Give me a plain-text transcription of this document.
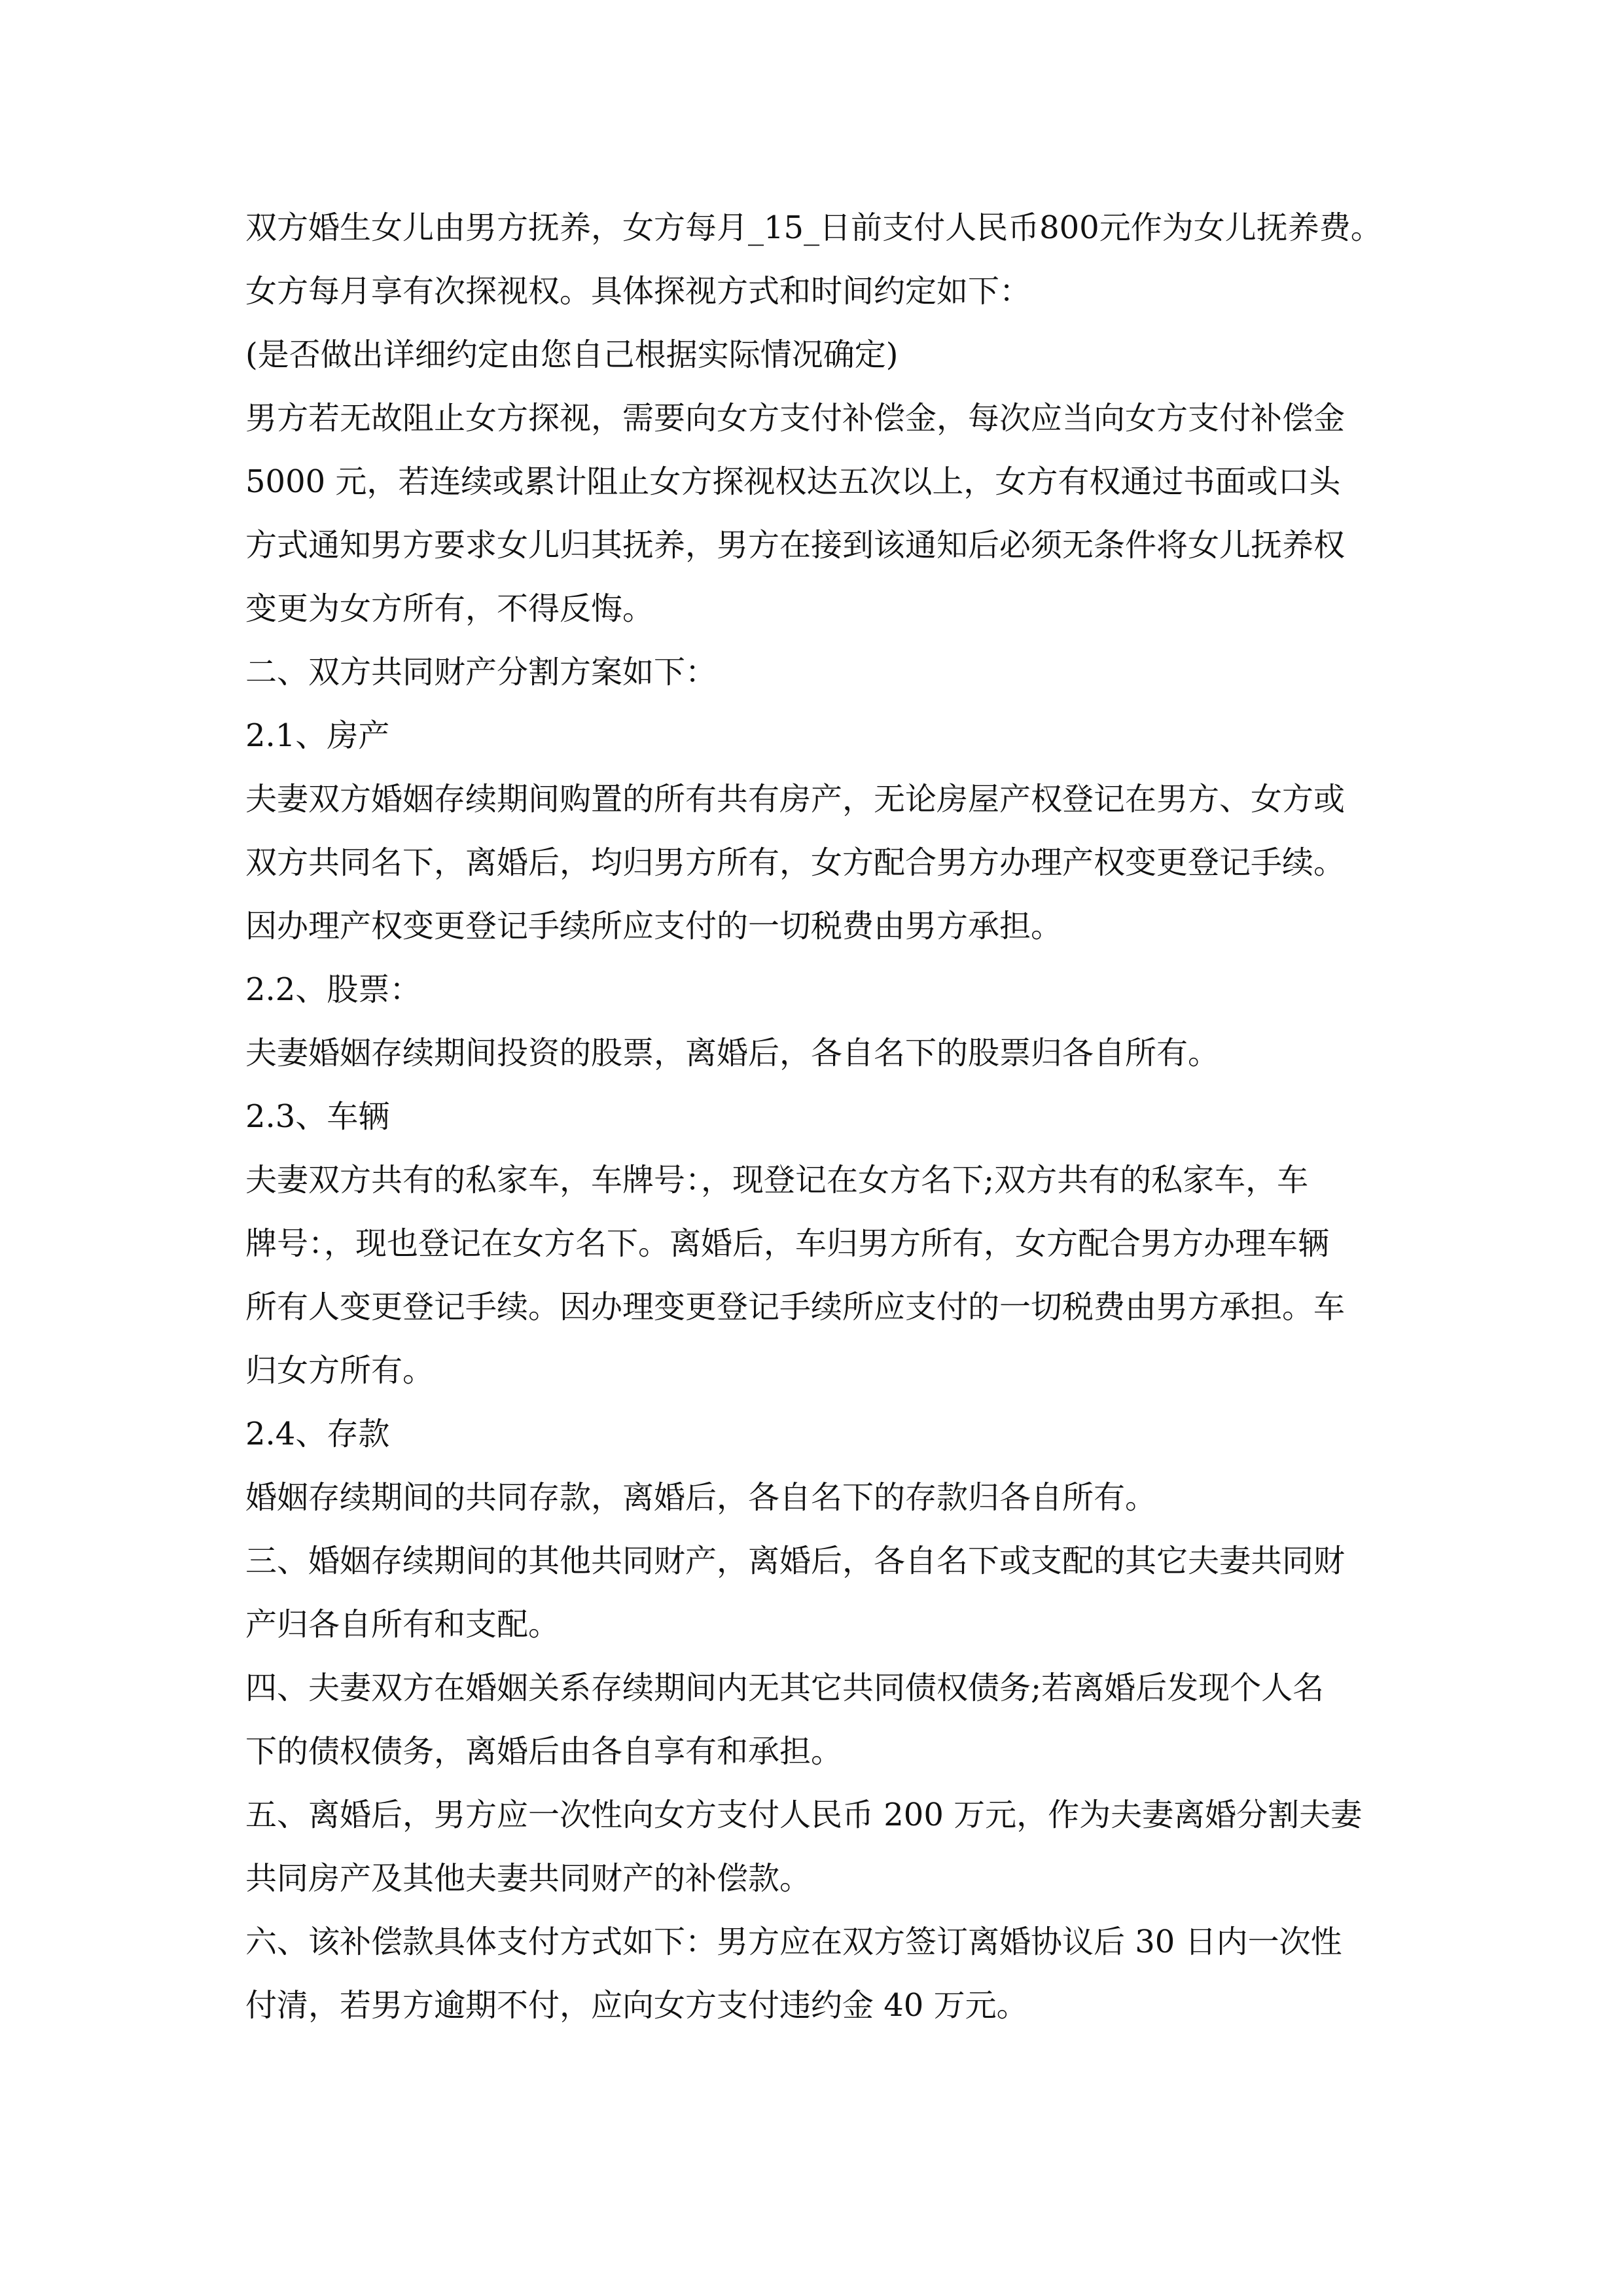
双方婚生女儿由男方抚养，女方每月_15_日前支付人民币800元作为女儿抚养费。
女方每月享有次探视权。具体探视方式和时间约定如下：
(是否做出详细约定由您自己根据实际情况确定)
男方若无故阻止女方探视，需要向女方支付补偿金，每次应当向女方支付补偿金
5000 元，若连续或累计阻止女方探视权达五次以上，女方有权通过书面或口头
方式通知男方要求女儿归其抚养，男方在接到该通知后必须无条件将女儿抚养权
变更为女方所有，不得反悔。
二、双方共同财产分割方案如下：
2.1、房产
夫妻双方婚姻存续期间购置的所有共有房产，无论房屋产权登记在男方、女方或
双方共同名下，离婚后，均归男方所有，女方配合男方办理产权变更登记手续。
因办理产权变更登记手续所应支付的一切税费由男方承担。
2.2、股票：
夫妻婚姻存续期间投资的股票，离婚后，各自名下的股票归各自所有。
2.3、车辆
夫妻双方共有的私家车，车牌号：，现登记在女方名下;双方共有的私家车，车
牌号：，现也登记在女方名下。离婚后，车归男方所有，女方配合男方办理车辆
所有人变更登记手续。因办理变更登记手续所应支付的一切税费由男方承担。车
归女方所有。
2.4、存款
婚姻存续期间的共同存款，离婚后，各自名下的存款归各自所有。
三、婚姻存续期间的其他共同财产，离婚后，各自名下或支配的其它夫妻共同财
产归各自所有和支配。
四、夫妻双方在婚姻关系存续期间内无其它共同债权债务;若离婚后发现个人名
下的债权债务，离婚后由各自享有和承担。
五、离婚后，男方应一次性向女方支付人民币 200 万元，作为夫妻离婚分割夫妻
共同房产及其他夫妻共同财产的补偿款。
六、该补偿款具体支付方式如下：男方应在双方签订离婚协议后 30 日内一次性
付清，若男方逾期不付，应向女方支付违约金 40 万元。
